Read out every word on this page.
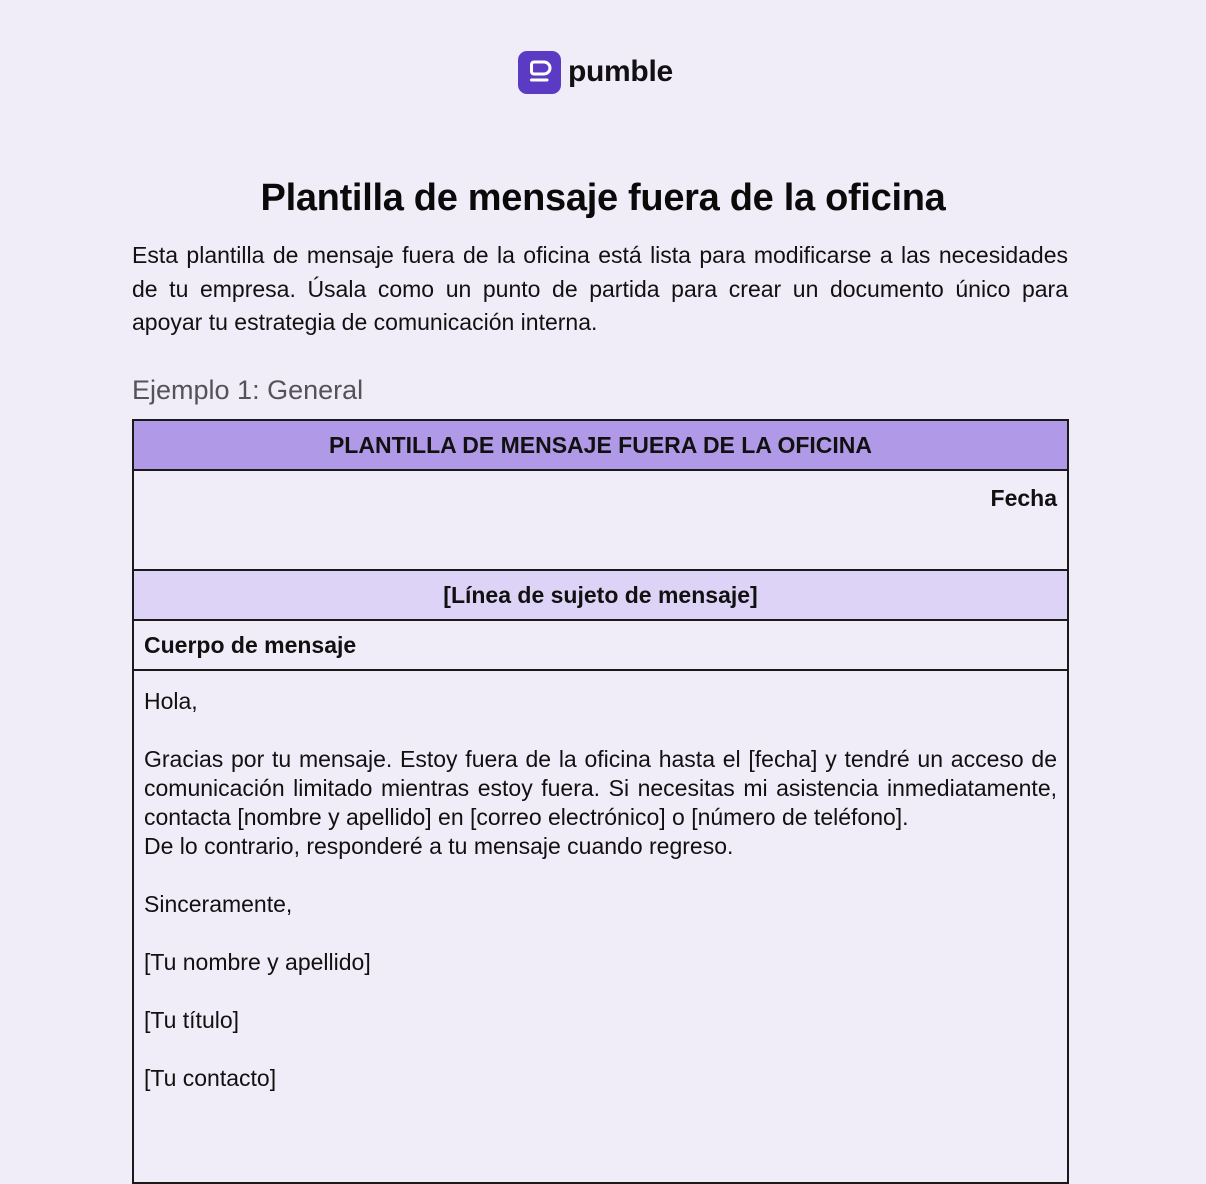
pumble
Plantilla de mensaje fuera de la oficina

Esta plantilla de mensaje fuera de la oficina está lista para modificarse a las necesidades de tu empresa. Úsala como un punto de partida para crear un documento único para apoyar tu estrategia de comunicación interna.

Ejemplo 1: General
PLANTILLA DE MENSAJE FUERA DE LA OFICINA
Fecha
[Línea de sujeto de mensaje]
Cuerpo de mensaje

Hola,

Gracias por tu mensaje. Estoy fuera de la oficina hasta el [fecha] y tendré un acceso de comunicación limitado mientras estoy fuera. Si necesitas mi asistencia inmediatamente, contacta [nombre y apellido] en [correo electrónico] o [número de teléfono].

De lo contrario, responderé a tu mensaje cuando regreso.

Sinceramente,

[Tu nombre y apellido]

[Tu título]

[Tu contacto]
